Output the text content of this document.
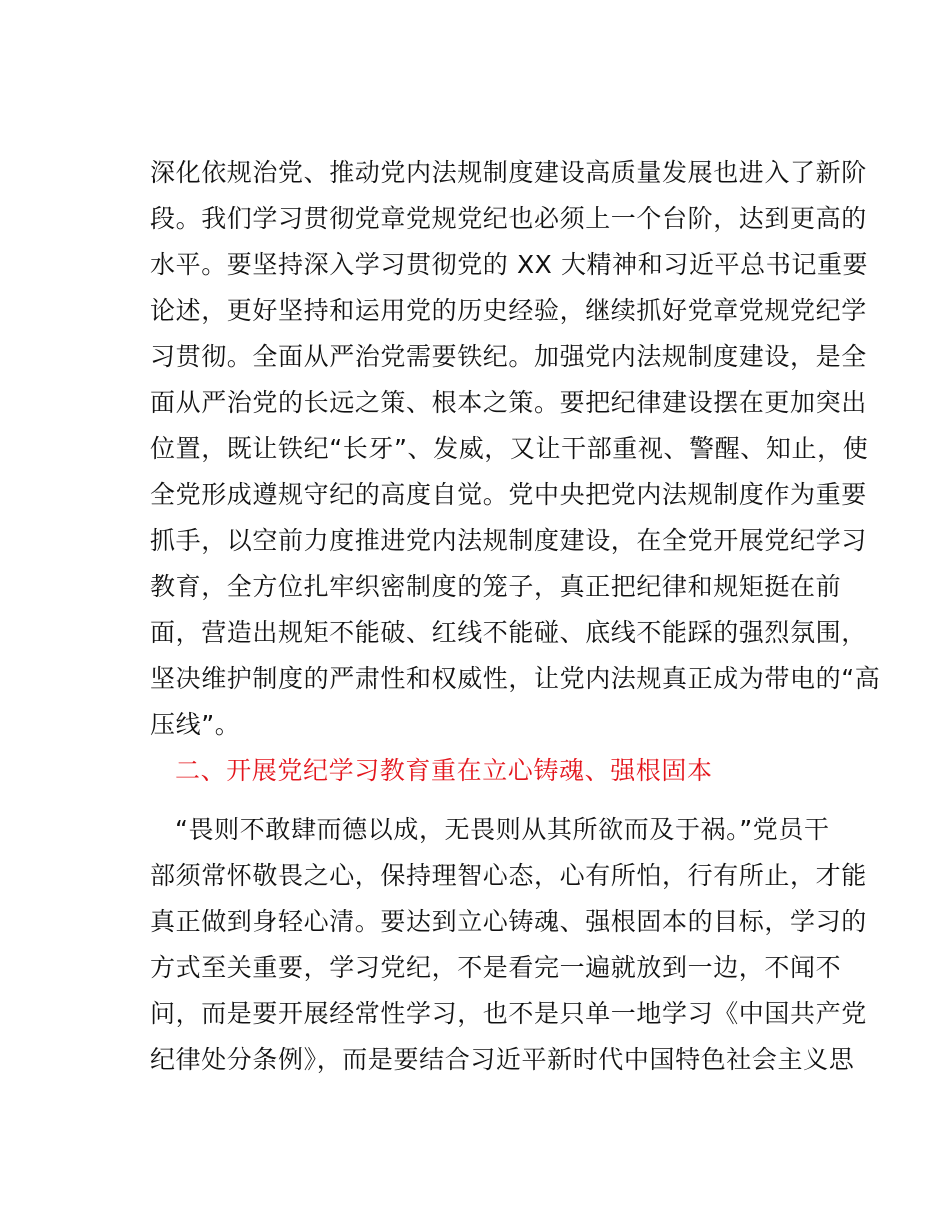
深化依规治党、推动党内法规制度建设高质量发展也进入了新阶
段。我们学习贯彻党章党规党纪也必须上一个台阶，达到更高的
水平。要坚持深入学习贯彻党的 XX 大精神和习近平总书记重要
论述，更好坚持和运用党的历史经验，继续抓好党章党规党纪学
习贯彻。全面从严治党需要铁纪。加强党内法规制度建设，是全
面从严治党的长远之策、根本之策。要把纪律建设摆在更加突出
位置，既让铁纪“长牙”、发威，又让干部重视、警醒、知止，使
全党形成遵规守纪的高度自觉。党中央把党内法规制度作为重要
抓手，以空前力度推进党内法规制度建设，在全党开展党纪学习
教育，全方位扎牢织密制度的笼子，真正把纪律和规矩挺在前
面，营造出规矩不能破、红线不能碰、底线不能踩的强烈氛围，
坚决维护制度的严肃性和权威性，让党内法规真正成为带电的“高
压线”。
二、开展党纪学习教育重在立心铸魂、强根固本
“畏则不敢肆而德以成，无畏则从其所欲而及于祸。”党员干
部须常怀敬畏之心，保持理智心态，心有所怕，行有所止，才能
真正做到身轻心清。要达到立心铸魂、强根固本的目标，学习的
方式至关重要，学习党纪，不是看完一遍就放到一边，不闻不
问，而是要开展经常性学习，也不是只单一地学习《中国共产党
纪律处分条例》，而是要结合习近平新时代中国特色社会主义思
